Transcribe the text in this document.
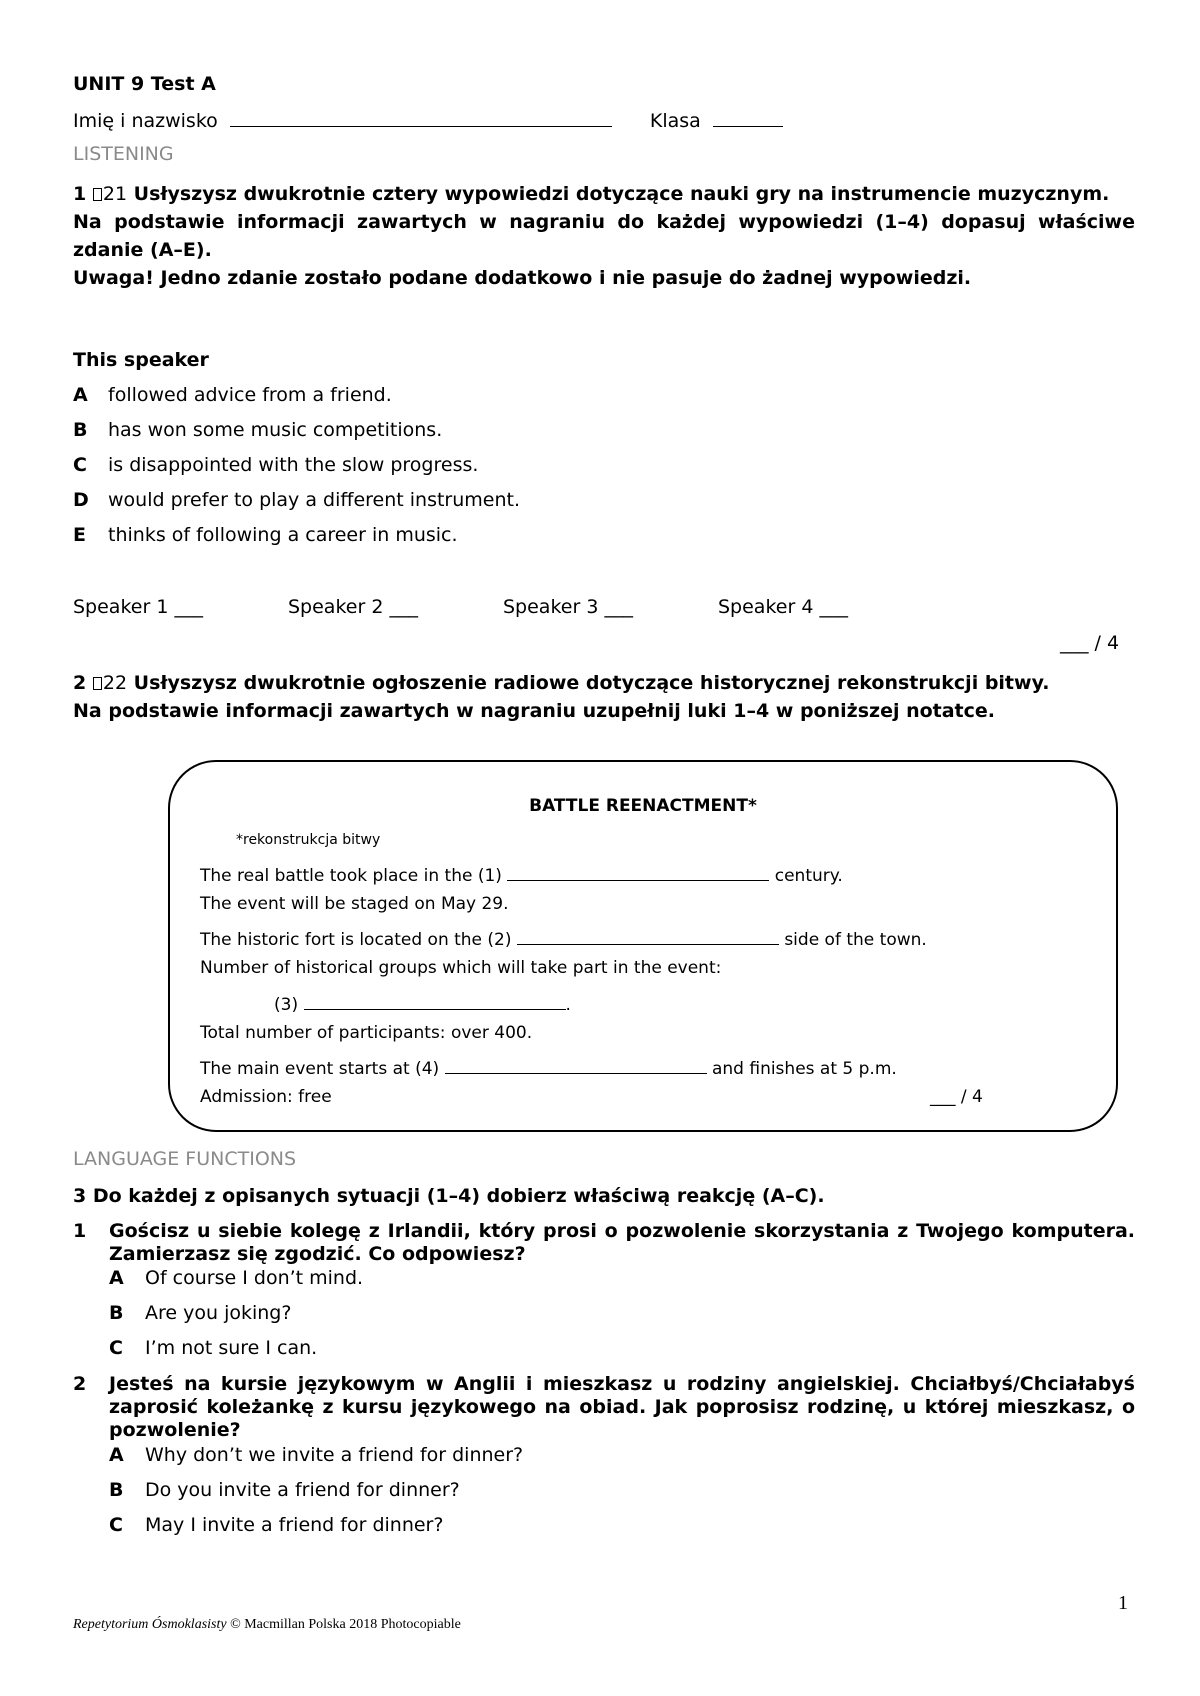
UNIT 9 Test A
Imię i nazwisko	Klasa
LISTENING
1 21 Usłyszysz dwukrotnie cztery wypowiedzi dotyczące nauki gry na instrumencie muzycznym.
Na podstawie informacji zawartych w nagraniu do każdej wypowiedzi (1–4) dopasuj właściwe zdanie (A–E).
Uwaga! Jedno zdanie zostało podane dodatkowo i nie pasuje do żadnej wypowiedzi.
This speaker
A followed advice from a friend.
B has won some music competitions.
C is disappointed with the slow progress.
D would prefer to play a different instrument.
E thinks of following a career in music.
Speaker 1 ___	Speaker 2 ___	Speaker 3 ___	Speaker 4 ___
___ / 4
2 22 Usłyszysz dwukrotnie ogłoszenie radiowe dotyczące historycznej rekonstrukcji bitwy.
Na podstawie informacji zawartych w nagraniu uzupełnij luki 1–4 w poniższej notatce.
BATTLE REENACTMENT*
*rekonstrukcja bitwy
The real battle took place in the (1)	century.
The event will be staged on May 29.
The historic fort is located on the (2)	side of the town.
Number of historical groups which will take part in the event:
(3)	.
Total number of participants: over 400.
The main event starts at (4)	and finishes at 5 p.m.
Admission: free	___ / 4
LANGUAGE FUNCTIONS
3 Do każdej z opisanych sytuacji (1–4) dobierz właściwą reakcję (A–C).
1 Gościsz u siebie kolegę z Irlandii, który prosi o pozwolenie skorzystania z Twojego komputera. Zamierzasz się zgodzić. Co odpowiesz?
A Of course I don’t mind.
B Are you joking?
C I’m not sure I can.
2 Jesteś na kursie językowym w Anglii i mieszkasz u rodziny angielskiej. Chciałbyś/Chciałabyś zaprosić koleżankę z kursu językowego na obiad. Jak poprosisz rodzinę, u której mieszkasz, o pozwolenie?
A Why don’t we invite a friend for dinner?
B Do you invite a friend for dinner?
C May I invite a friend for dinner?
1
Repetytorium Ósmoklasisty © Macmillan Polska 2018 Photocopiable
